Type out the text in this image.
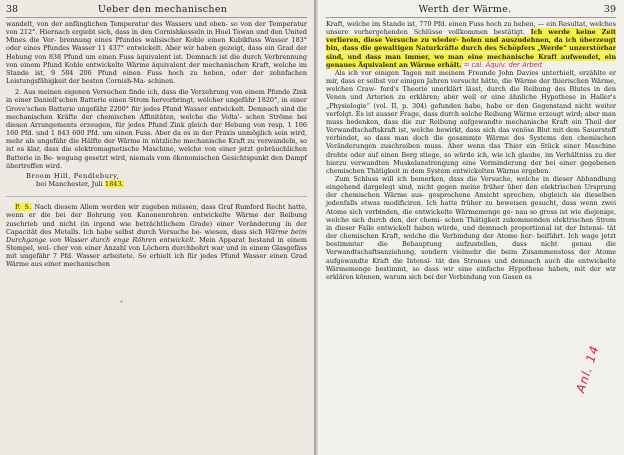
38	Ueber den mechanischen

wandelt, von der anfänglichen Temperatur des Wassers und eben- so von der Temperatur von 212°. Hiernach ergiebt sich, dass in den Cornishkesseln in Huel Towan und den United Mines die Ver- brennung eines Pfundes walisischer Kohle einen Kubikfuss Wasser 183° oder eines Pfundes Wasser 11 437° entwickelt. Aber wir haben gezeigt, dass ein Grad der Hebung von 838 Pfund um einen Fuss äquivalent ist. Demnach ist die durch Verbrennung von einem Pfund Kohle entwickelte Wärme äquivalent der mechanischen Kraft, welche im Stande ist, 9 584 206 Pfund einen Fuss hoch zu heben, oder der zehnfachen Leistungsfähigkeit der besten Cornish-Ma- schinen.

2. Aus meinen eigenen Versuchen finde ich, dass die Verzehrung von einem Pfunde Zink in einer Daniell'schen Batterie einen Strom hervorbringt, welcher ungefähr 1820°, in einer Grove'schen Batterie ungefähr 2200° für jedes Pfund Wasser entwickelt. Demnach sind die mechanischen Kräfte der chemischen Affinitäten, welche die Volta'- schen Ströme bei diesen Arrangements erzeugen, für jedes Pfund Zink gleich der Hebung von resp. 1 106 160 Pfd. und 1 843 600 Pfd. um einen Fuss. Aber da es in der Praxis unmöglich sein wird, mehr als ungefähr die Hälfte der Wärme in nützliche mechanische Kraft zu verwandeln, so ist es klar, dass die elektromagnetische Maschine, welche von einer jetzt gebräuchlichen Batterie in Be- wegung gesetzt wird, niemals vom ökonomischen Gesichtspunkt den Dampf übertreffen wird.

Broom Hill, Pendlebury,
bei Manchester, Juli 1843.

P. S. Nach diesem Allem werden wir zugeben müssen, dass Graf Rumford Recht hatte, wenn er die bei der Bohrung von Kanonenrohren entwickelte Wärme der Reibung zuschrieb und nicht (in irgend wie beträchtlichem Grade) einer Veränderung in der Capacität des Metalls. Ich habe selbst durch Versuche be- wiesen, dass sich Wärme beim Durchgange von Wasser durch enge Röhren entwickelt. Mein Apparat bestand in einem Stempel, wel- cher von einer Anzahl von Löchern durchbohrt war und in einem Glasgefäss mit ungefähr 7 Pfd. Wasser arbeitete. So erhielt ich für jedes Pfund Wasser einen Grad Wärme aus einer mechanischen

Werth der Wärme.	39

Kraft, welche im Stande ist, 770 Pfd. einen Fuss hoch zu heben, — ein Resultat, welches unsere vorhergehenden Schlüsse vollkommen bestätigt. Ich werde keine Zeit verlieren, diese Versuche zu wieder- holen und auszudehnen, da ich überzeugt bin, dass die gewaltigen Naturkräfte durch des Schöpfers „Werde“ unzerstörbar sind, und dass man immer, wo man eine mechanische Kraft aufwendet, ein genaues Äquivalent an Wärme erhält. = cal. Äquiv. der Arbeit

Als ich vor einigen Tagen mit meinem Freunde John Davies unterhielt, erzählte er mir, dass er selbst vor einigen Jahren versucht hätte, die Wärme der thierischen Wärme, welchen Craw- ford's Theorie unerklärt lässt, durch die Reibung des Blutes in den Venen und Arterien zu erklären; aber weil er eine ähnliche Hypothese in Haller's „Physiologie“ (vol. II, p. 304) gefunden habe, habe er den Gegenstand nicht weiter verfolgt. Es ist ausser Frage, dass durch solche Reibung Wärme erzeugt wird; aber man muss bedenken, dass die zur Reibung aufgewandte mechanische Kraft ein Theil der Verwandtschaftskraft ist, welche bewirkt, dass sich das venöse Blut mit dem Sauerstoff verbindet, so dass man doch die gesammte Wärme des Systems den chemischen Veränderungen zuschreiben muss. Aber wenn das Thier ein Stück einer Maschine drehte oder auf einen Berg stiege, so würde ich, wie ich glaube, im Verhältniss zu der hierzu verwandten Muskelanstrengung eine Verminderung der bei einer gegebenen chemischen Thätigkeit in dem System entwickelten Wärme ergeben.

Zum Schluss will ich bemerken, dass die Versuche, welche in dieser Abhandlung eingehend dargelegt sind, nicht gegen meine früher über den elektrischen Ursprung der chemischen Wärme aus- gesprochene Ansicht sprechen, obgleich sie dieselben jedenfalls etwas modificiren. Ich hatte früher zu beweisen gesucht, dass wenn zwei Atome sich verbinden, die entwickelte Wärmemenge ge- nau so gross ist wie diejenige, welche sich durch den, der chemi- schen Thätigkeit zukommenden elektrischen Strom in dieser Falle entwickelt haben würde, und demnach proportional ist der Intensi- tät der chemischen Kraft, welche die Verbindung der Atome her- beiführt. Ich wage jetzt bestimmter die Behauptung aufzustellen, dass nicht genau die Verwandtschaftsanziehung, sondern vielmehr die beim Zusammenstoss der Atome aufgewandte Kraft die Intensi- tät des Stromes und demnach auch die entwickelte Wärmemenge bestimmt, so dass wir eine einfache Hypothese haben, mit der wir erklären können, warum sich bei der Verbindung von Gasen es

Anl. 14
